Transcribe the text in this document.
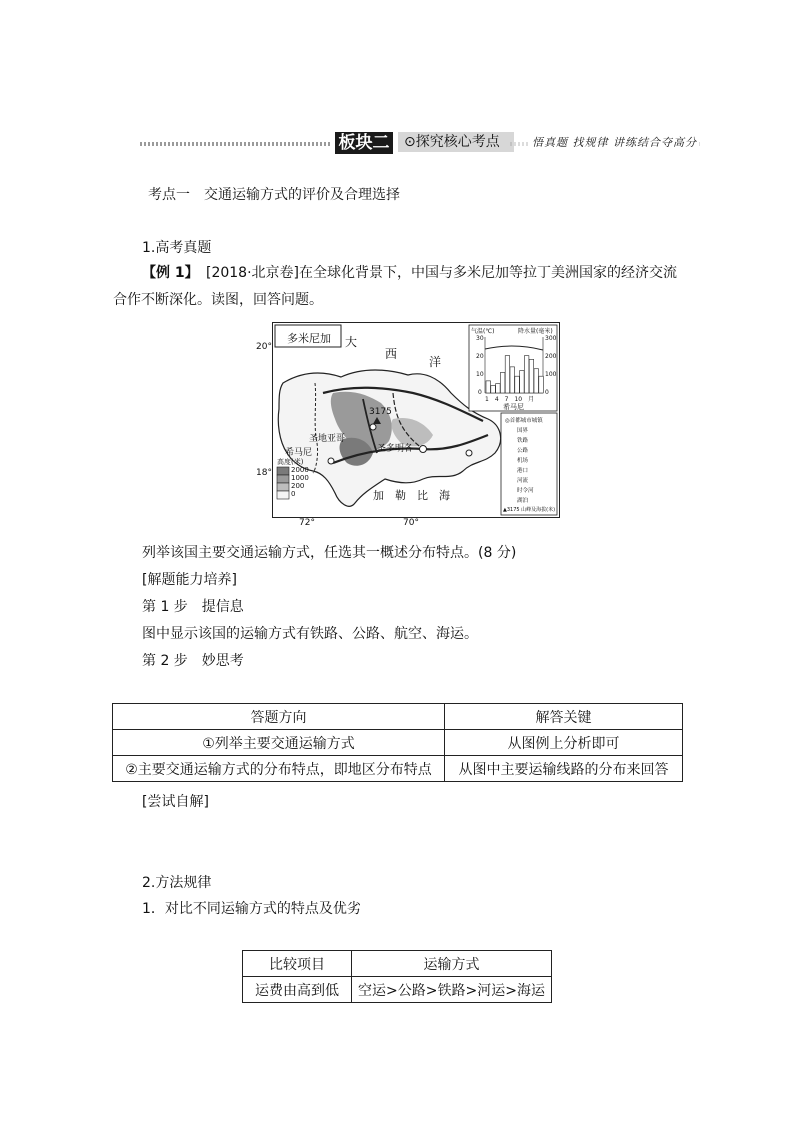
板块二	⊙探究核心考点	悟真题 找规律 讲练结合夺高分
考点一　交通运输方式的评价及合理选择
1.高考真题
【例 1】 [2018·北京卷]在全球化背景下，中国与多米尼加等拉丁美洲国家的经济交流
合作不断深化。读图，回答问题。
20°
18°
72°	70°
多米尼加 大
西
洋
加　勒　比　海
3175
圣地亚哥
圣多明各
希马尼
高度(米)
2000
1000
200
0
气温(℃)	降水量(毫米)
30
20
10
0
300
200
100
0
1　4　7　10　月
希马尼
◎首都城市城镇
国界
铁路
公路
机场
港口
河流
时令河
湖泊
▲3175 山峰及海拔(米)
列举该国主要交通运输方式，任选其一概述分布特点。(8 分)
[解题能力培养]
第 1 步　提信息
图中显示该国的运输方式有铁路、公路、航空、海运。
第 2 步　妙思考
答题方向	解答关键
①列举主要交通运输方式	从图例上分析即可
②主要交通运输方式的分布特点，即地区分布特点	从图中主要运输线路的分布来回答
[尝试自解]
2.方法规律
1．对比不同运输方式的特点及优劣
比较项目	运输方式
运费由高到低	空运>公路>铁路>河运>海运
